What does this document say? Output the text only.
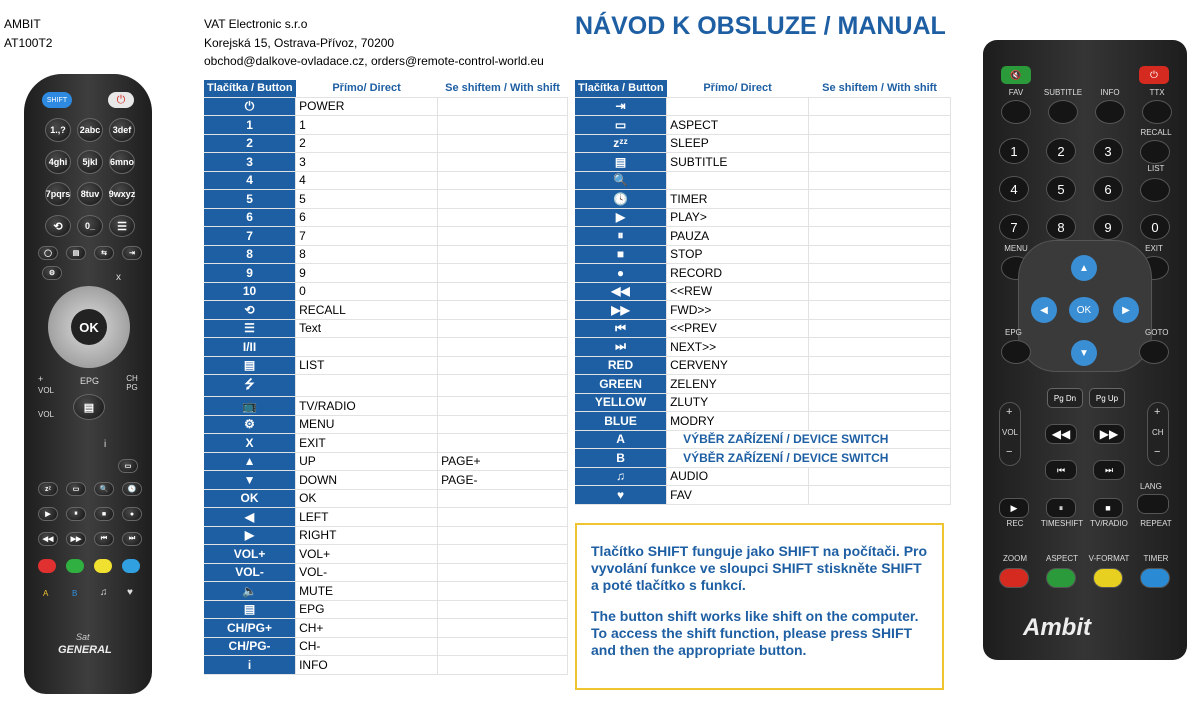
AMBIT
AT100T2
VAT Electronic s.r.o
Korejská 15, Ostrava-Přívoz, 70200
obchod@dalkove-ovladace.cz, orders@remote-control-world.eu
NÁVOD K OBSLUZE / MANUAL
Tlačítka / Button	Přímo/ Direct	Se shiftem / With shift
⏻	POWER	
1	1	
2	2	
3	3	
4	4	
5	5	
6	6	
7	7	
8	8	
9	9	
10	0	
⟲	RECALL	
☰	Text	
I/II		
▤	LIST	
⭍		
📺	TV/RADIO	
⚙	MENU	
X	EXIT	
▲	UP	PAGE+
▼	DOWN	PAGE-
OK	OK	
◀	LEFT	
▶	RIGHT	
VOL+	VOL+	
VOL-	VOL-	
🔈	MUTE	
▤	EPG	
CH/PG+	CH+	
CH/PG-	CH-	
i	INFO	
Tlačítka / Button	Přímo/ Direct	Se shiftem / With shift
⇥		
▭	ASPECT	
zᶻᶻ	SLEEP	
▤	SUBTITLE	
🔍		
🕓	TIMER	
▶	PLAY>	
⏸	PAUZA	
■	STOP	
●	RECORD	
◀◀	<<REW	
▶▶	FWD>>	
⏮	<<PREV	
⏭	NEXT>>	
RED	CERVENY	
GREEN	ZELENY	
YELLOW	ZLUTY	
BLUE	MODRY	
A	VÝBĚR ZAŘÍZENÍ / DEVICE SWITCH	
B	VÝBĚR ZAŘÍZENÍ / DEVICE SWITCH	
♫	AUDIO	
♥	FAV	

Tlačítko SHIFT funguje jako SHIFT na počítači. Pro vyvolání funkce ve sloupci SHIFT stiskněte SHIFT a poté tlačítko s funkcí.

The button shift works like shift on the computer. To access the shift function, please press SHIFT and then the appropriate button.

SHIFT	⏻
1.,?	2abc	3def
4ghi	5jkl	6mno
7pqrs	8tuv	9wxyz
⟲	0_	☰
OK
+
VOL
EPG	CH PG
▤
VOL
i
x
◯	▤	⇆	⇥
⚙
▭
zᶻ	▭	🔍	🕓
▶	⏸	■	●
◀◀	▶▶	⏮	⏭
A	B ♫ ♥
Sat
GENERAL
🔇	⏻
FAV	SUBTITLE	INFO	TTX
RECALL
LIST
1	2	3
4	5	6
7	8	9	0
MENU	EXIT
▲
▼
◀	▶
OK
EPG	GOTO
Pg Dn	Pg Up
+
VOL
−
+
CH
−
◀◀	▶▶
⏮	⏭
LANG
▶	⏸	■
REC	TIMESHIFT TV/RADIO	REPEAT
ZOOM	ASPECT	V-FORMAT	TIMER
Ambit
